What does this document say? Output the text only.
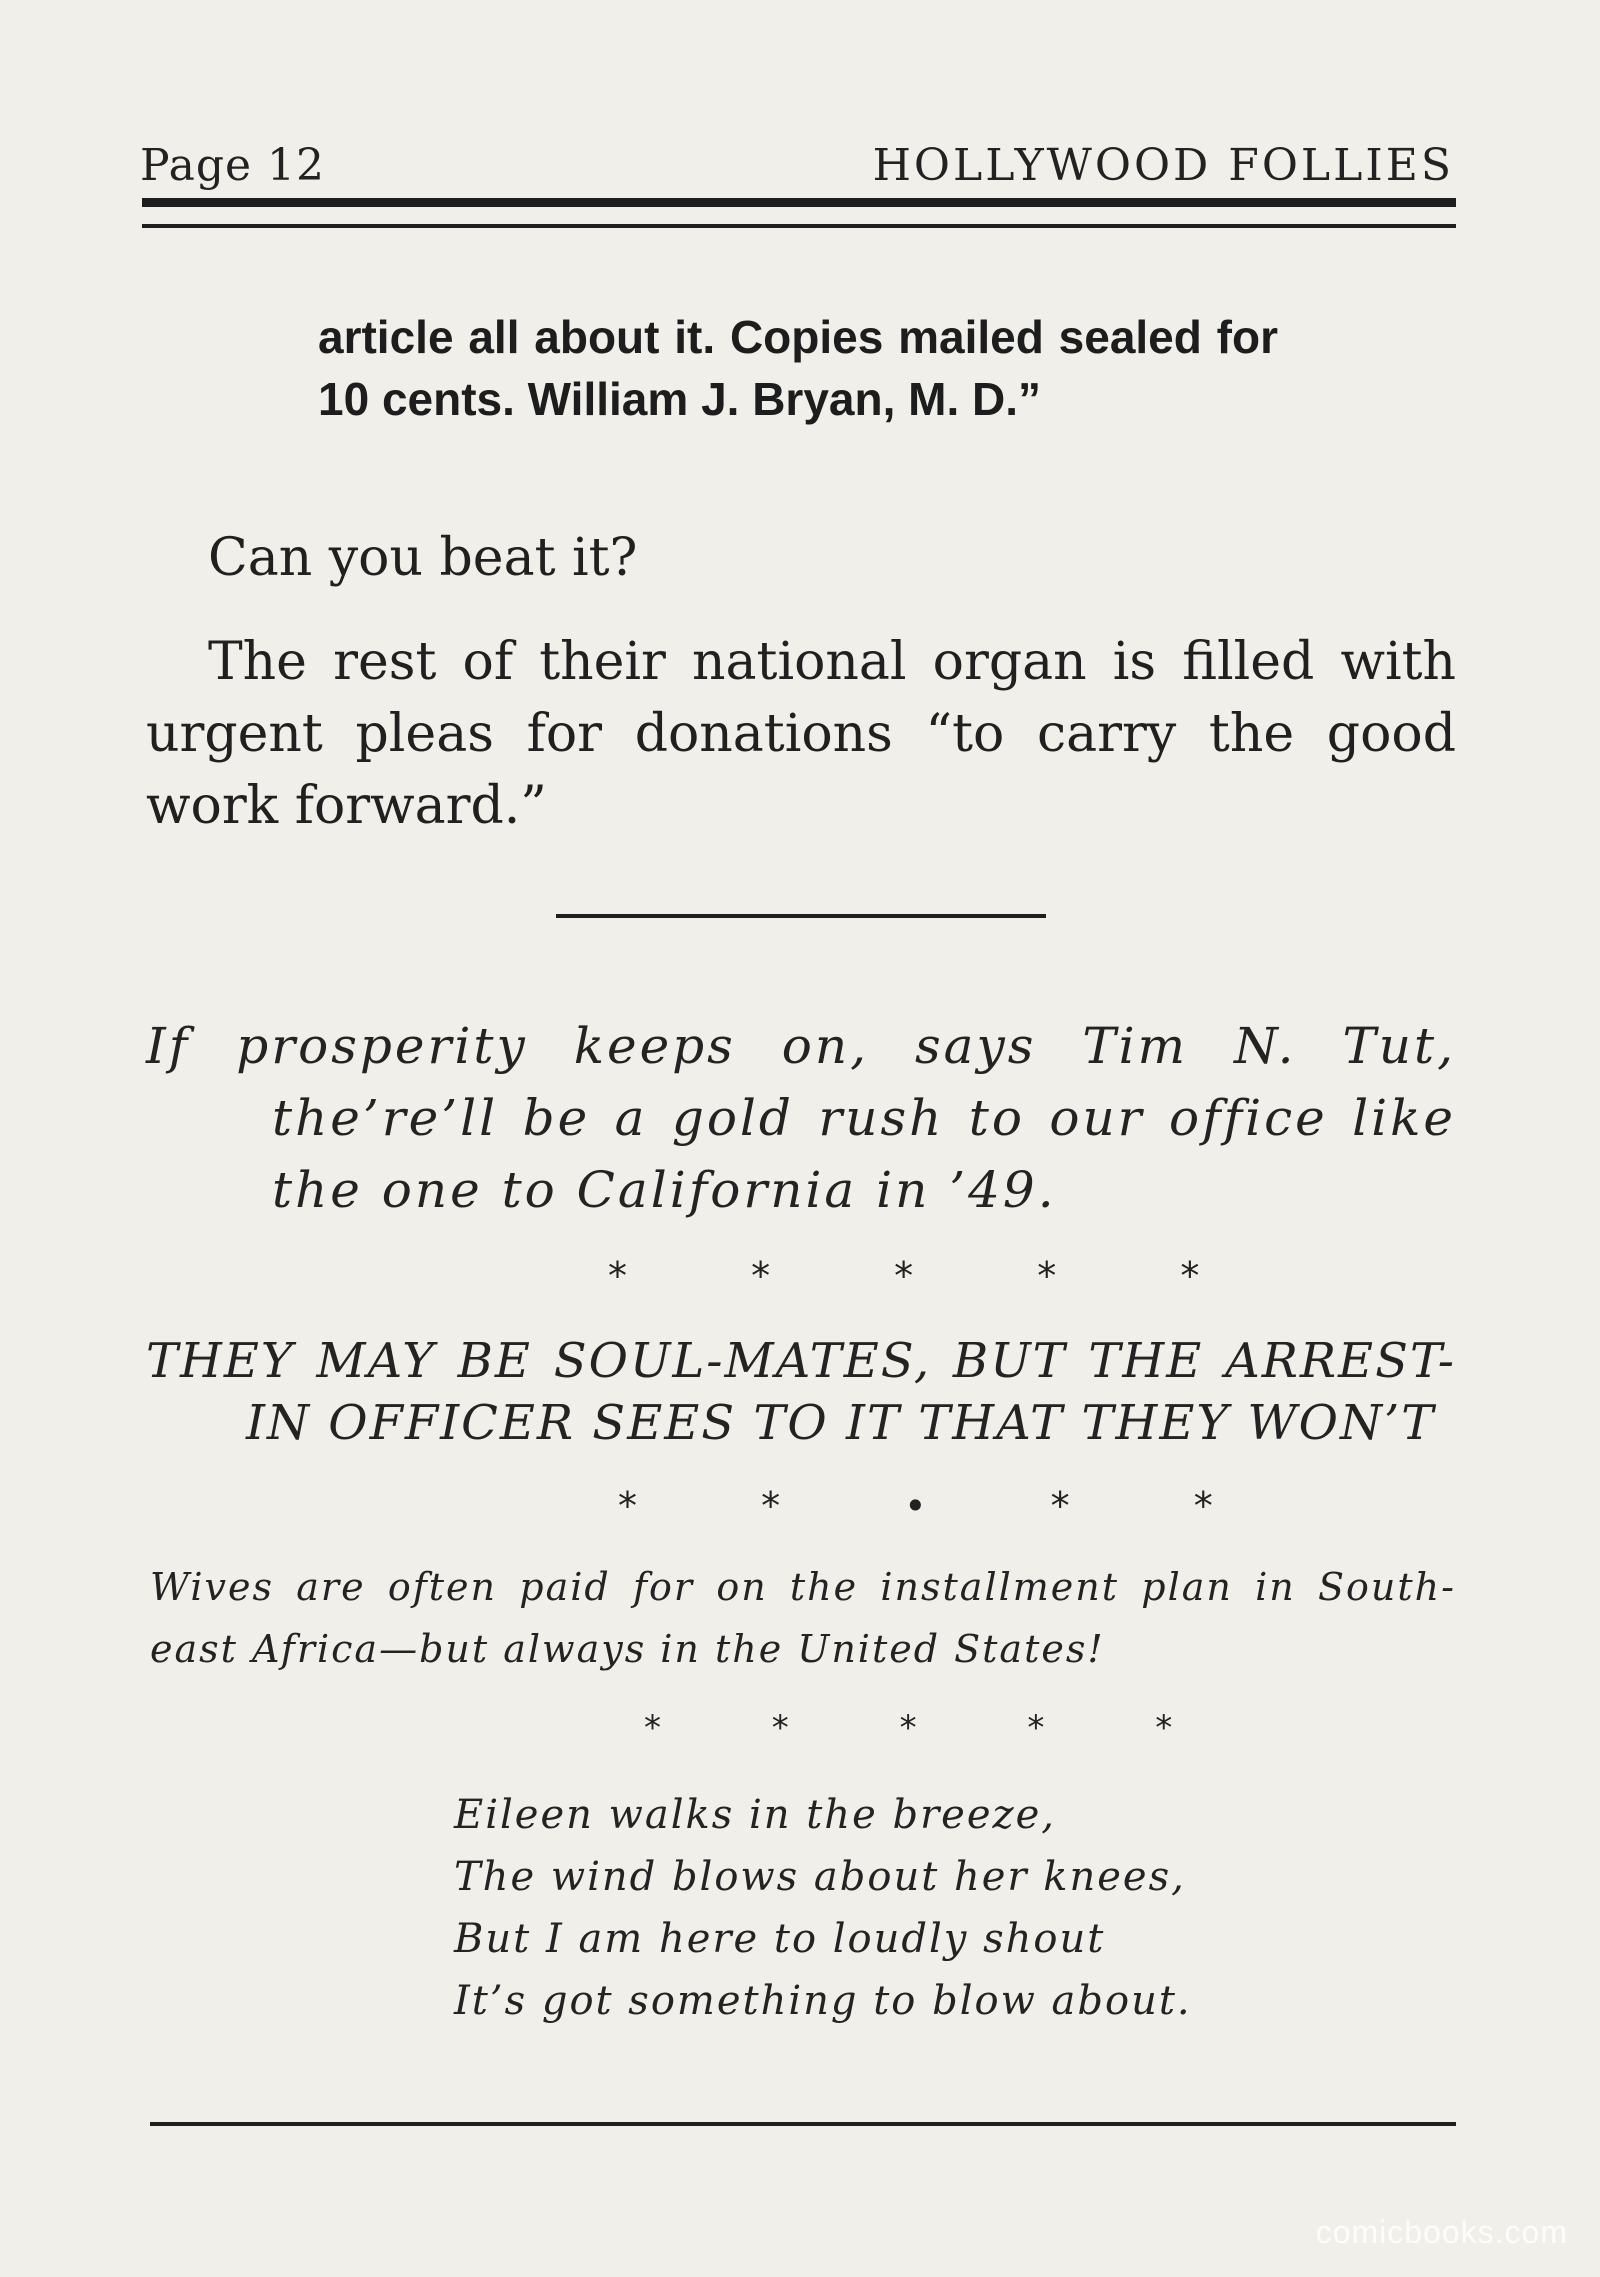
Page 12	HOLLYWOOD FOLLIES
article all about it. Copies mailed sealed for 10 cents. William J. Bryan, M. D.”
Can you beat it?
The rest of their national organ is filled with urgent pleas for donations “to carry the good work forward.”
If prosperity keeps on, says Tim N. Tut, the’re’ll be a gold rush to our office like the one to California in ’49.
* * * * *
THEY MAY BE SOUL-MATES, BUT THE ARREST-IN OFFICER SEES TO IT THAT THEY WON’T
* * • * *
Wives are often paid for on the installment plan in South-east Africa—but always in the United States!
* * * * *
Eileen walks in the breeze,
The wind blows about her knees,
But I am here to loudly shout
It’s got something to blow about.
comicbooks.com
